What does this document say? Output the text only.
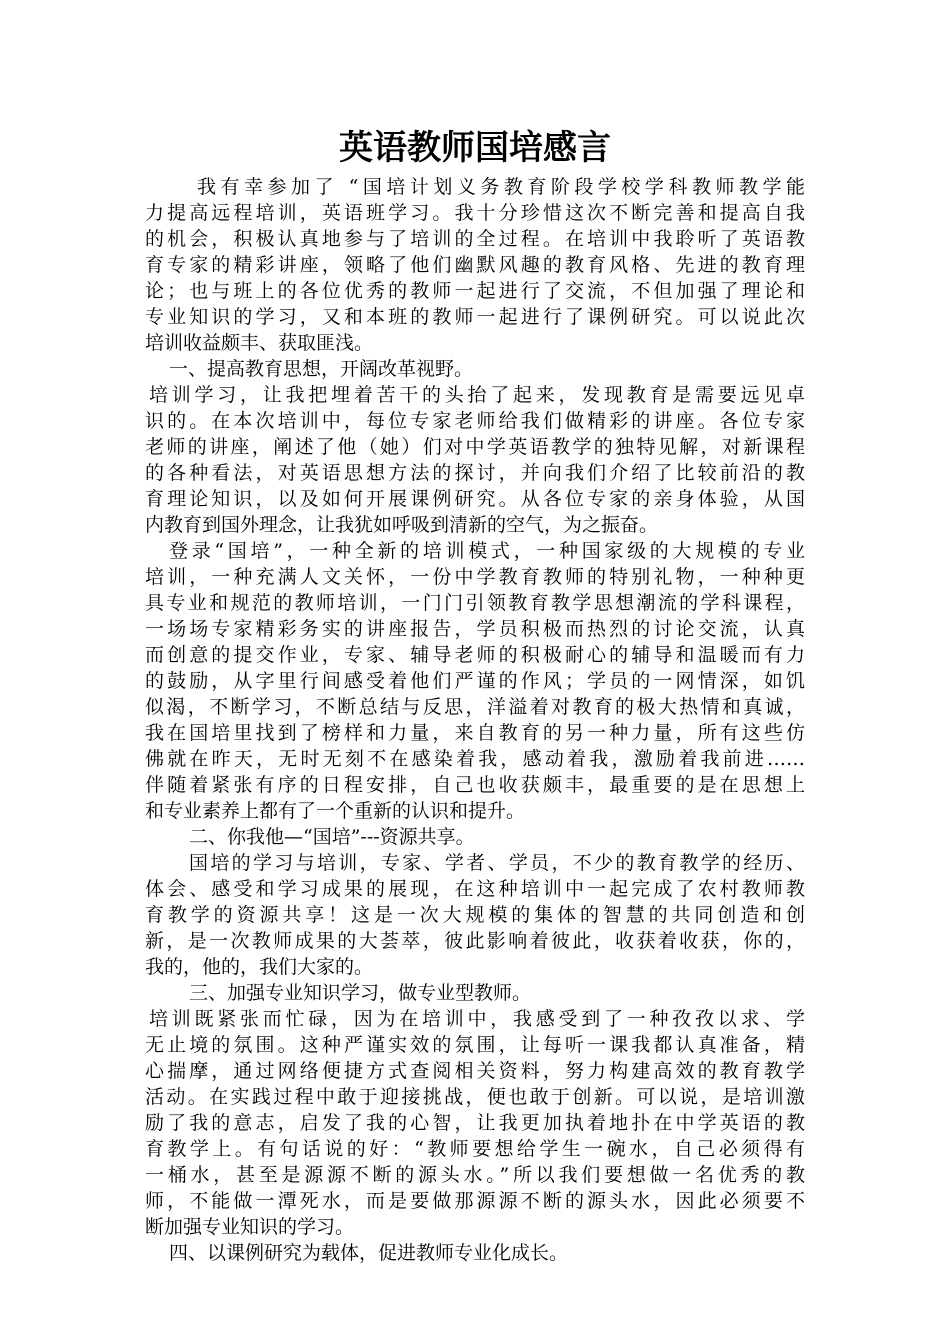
英语教师国培感言
我有幸参加了 “国培计划义务教育阶段学校学科教师教学能
力提高远程培训，英语班学习。我十分珍惜这次不断完善和提高自我
的机会，积极认真地参与了培训的全过程。在培训中我聆听了英语教
育专家的精彩讲座，领略了他们幽默风趣的教育风格、先进的教育理
论；也与班上的各位优秀的教师一起进行了交流，不但加强了理论和
专业知识的学习，又和本班的教师一起进行了课例研究。可以说此次
培训收益颇丰、获取匪浅。
一、提高教育思想，开阔改革视野。
培训学习，让我把埋着苦干的头抬了起来，发现教育是需要远见卓
识的。在本次培训中，每位专家老师给我们做精彩的讲座。各位专家
老师的讲座，阐述了他（她）们对中学英语教学的独特见解，对新课程
的各种看法，对英语思想方法的探讨，并向我们介绍了比较前沿的教
育理论知识，以及如何开展课例研究。从各位专家的亲身体验，从国
内教育到国外理念，让我犹如呼吸到清新的空气，为之振奋。
登录“国培”，一种全新的培训模式，一种国家级的大规模的专业
培训，一种充满人文关怀，一份中学教育教师的特别礼物，一种种更
具专业和规范的教师培训，一门门引领教育教学思想潮流的学科课程，
一场场专家精彩务实的讲座报告，学员积极而热烈的讨论交流，认真
而创意的提交作业，专家、辅导老师的积极耐心的辅导和温暖而有力
的鼓励，从字里行间感受着他们严谨的作风；学员的一网情深，如饥
似渴，不断学习，不断总结与反思，洋溢着对教育的极大热情和真诚，
我在国培里找到了榜样和力量，来自教育的另一种力量，所有这些仿
佛就在昨天，无时无刻不在感染着我，感动着我，激励着我前进……
伴随着紧张有序的日程安排，自己也收获颇丰，最重要的是在思想上
和专业素养上都有了一个重新的认识和提升。
二、你我他—“国培”---资源共享。
国培的学习与培训，专家、学者、学员，不少的教育教学的经历、
体会、感受和学习成果的展现，在这种培训中一起完成了农村教师教
育教学的资源共享！这是一次大规模的集体的智慧的共同创造和创
新，是一次教师成果的大荟萃，彼此影响着彼此，收获着收获，你的，
我的，他的，我们大家的。
三、加强专业知识学习，做专业型教师。
培训既紧张而忙碌，因为在培训中，我感受到了一种孜孜以求、学
无止境的氛围。这种严谨实效的氛围，让每听一课我都认真准备，精
心揣摩，通过网络便捷方式查阅相关资料，努力构建高效的教育教学
活动。在实践过程中敢于迎接挑战，便也敢于创新。可以说，是培训激
励了我的意志，启发了我的心智，让我更加执着地扑在中学英语的教
育教学上。有句话说的好：“教师要想给学生一碗水，自己必须得有
一桶水，甚至是源源不断的源头水。”所以我们要想做一名优秀的教
师，不能做一潭死水，而是要做那源源不断的源头水，因此必须要不
断加强专业知识的学习。
四、以课例研究为载体，促进教师专业化成长。
